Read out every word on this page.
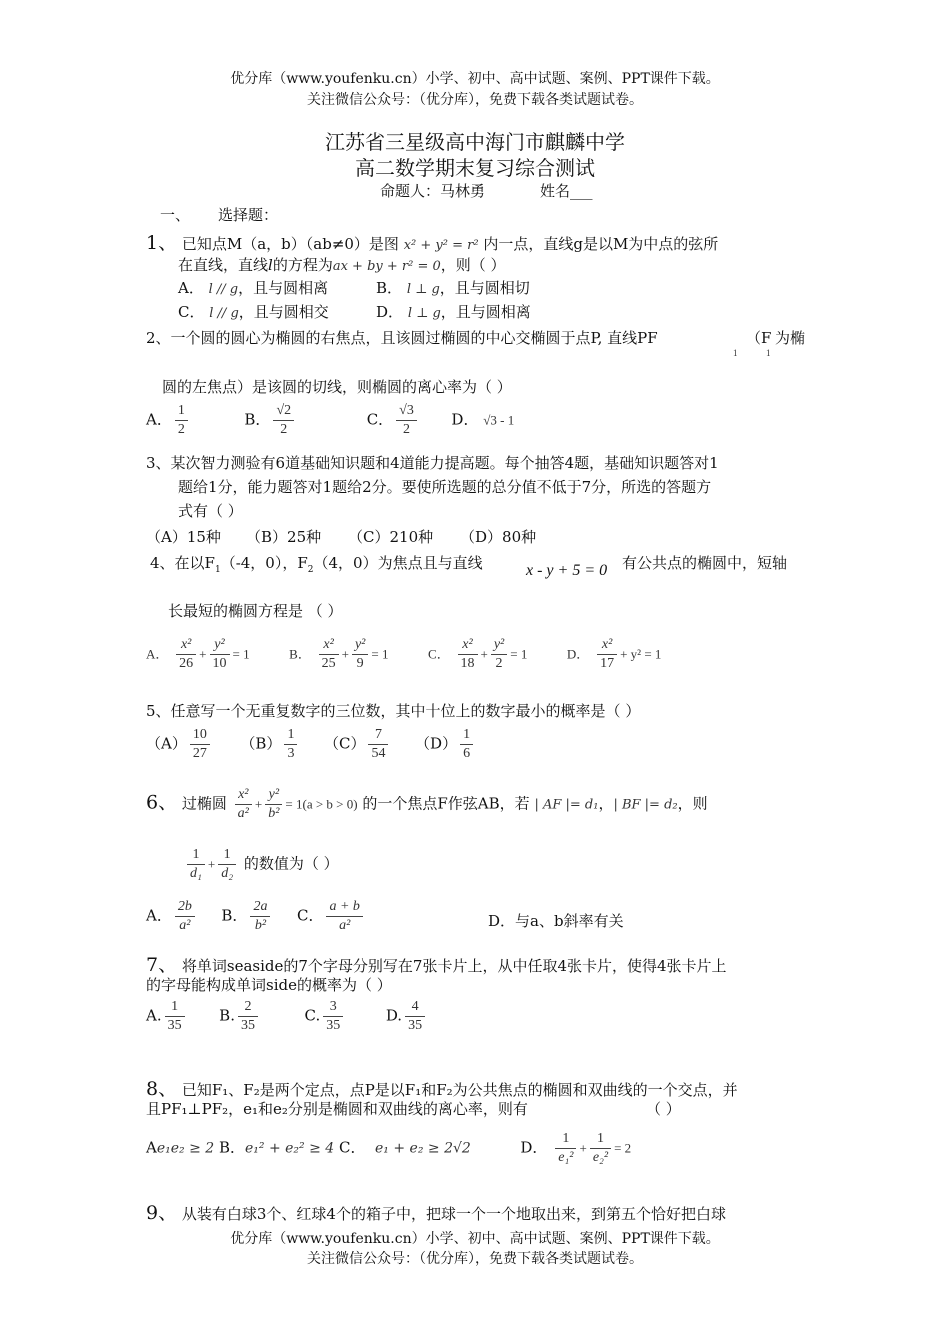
优分库（www.youfenku.cn）小学、初中、高中试题、案例、PPT课件下载。
关注微信公众号：（优分库），免费下载各类试题试卷。
江苏省三星级高中海门市麒麟中学
高二数学期末复习综合测试
命题人：马林勇	姓名___
一、 选择题：
1、 已知点M（a，b）（ab≠0）是图 x² + y² = r² 内一点，直线g是以M为中点的弦所
在直线，直线l的方程为ax + by + r² = 0，则（ ）
A． l // g，且与圆相离	B． l ⊥ g，且与圆相切
C． l // g，且与圆相交	D． l ⊥ g，且与圆相离
2、一个圆的圆心为椭圆的右焦点，且该圆过椭圆的中心交椭圆于点P, 直线PF	（F 为椭
1	1
圆的左焦点）是该圆的切线，则椭圆的离心率为（ ）
A． $\frac{1}{2}$	B． $\frac{√2}{2}$	C． $\frac{√3}{2}$ D． √3 - 1
3、某次智力测验有6道基础知识题和4道能力提高题。每个抽答4题，基础知识题答对1
题给1分，能力题答对1题给2分。要使所选题的总分值不低于7分，所选的答题方
式有（ ）
（A）15种 （B）25种 （C）210种 （D）80种
4、在以$F_1(-4$，0），$F_2(4$，0）为焦点且与直线	x - y + 5 = 0 有公共点的椭圆中，短轴
长最短的椭圆方程是 （ ）
A． $\frac{\text{x²}}{26} + \frac{\text{y²}}{10} = 1$	B． $\frac{\text{x²}}{25} + \frac{\text{y²}}{9} = 1$	C． $\frac{\text{x²}}{18} + \frac{\text{y²}}{2} = 1$	D． $\frac{\text{x²}}{17} + y^2 = 1$
5、任意写一个无重复数字的三位数，其中十位上的数字最小的概率是（ ）
$(A) \frac{10}{27} (B) \frac{1}{3} (C) \frac{7}{54} (D) \frac{1}{6}$
6、 过椭圆 $\frac{\text{x²}}{\text{a²}} + \frac{\text{y²}}{\text{b²}} = 1(a > b > 0)$ 的一个焦点F作弦AB，若 | AF |= d₁，| BF |= d₂，则
$\frac{1}{\text{d₁}} + \frac{1}{\text{d₂}}$ 的数值为（ ）
A． $\frac{2b}{\text{a²}}$ B． $\frac{2a}{\text{b²}}$ C． $\frac{a + b}{\text{a²}}$	D．与a、b斜率有关
7、 将单词seaside的7个字母分别写在7张卡片上，从中任取4张卡片，使得4张卡片上
的字母能构成单词side的概率为（ ）
A. $\frac{1}{35} B$. $\frac{2}{35}$	C. $\frac{3}{35}$	D. $\frac{4}{35}$
8、 已知F₁、F₂是两个定点，点P是以F₁和F₂为公共焦点的椭圆和双曲线的一个交点，并
且PF₁⊥PF₂，e₁和e₂分别是椭圆和双曲线的离心率，则有	（ ）
Ae₁e₂ ≥ 2 B．e₁² + e₂² ≥ 4 C． e₁ + e₂ ≥ 2√2	D． $\frac{1}{\text{e₁²}} + \frac{1}{\text{e₂²}} = 2$
9、 从装有白球3个、红球4个的箱子中，把球一个一个地取出来，到第五个恰好把白球
优分库（www.youfenku.cn）小学、初中、高中试题、案例、PPT课件下载。
关注微信公众号：（优分库），免费下载各类试题试卷。
